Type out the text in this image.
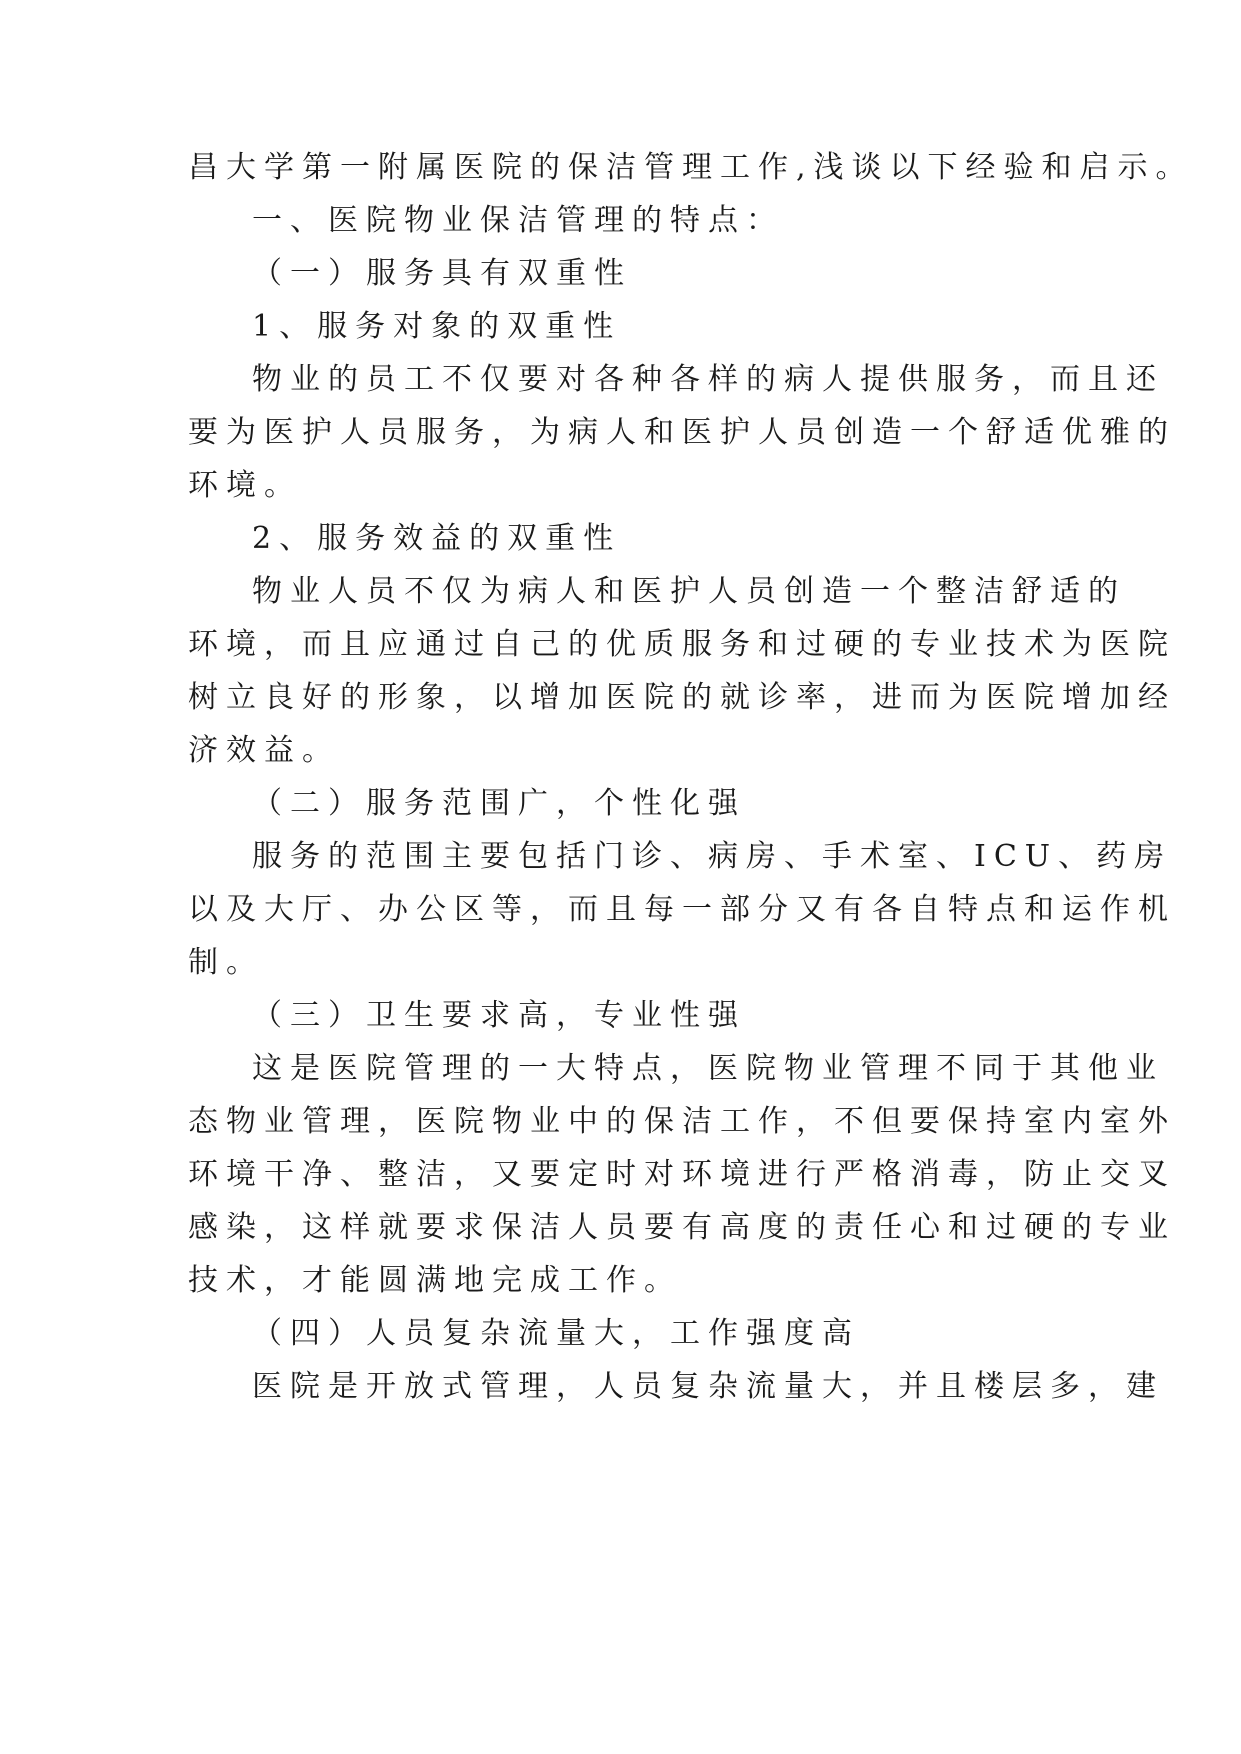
昌大学第一附属医院的保洁管理工作,浅谈以下经验和启示。
一、医院物业保洁管理的特点：
（一）服务具有双重性
1、服务对象的双重性
物业的员工不仅要对各种各样的病人提供服务，而且还
要为医护人员服务，为病人和医护人员创造一个舒适优雅的
环境。
2、服务效益的双重性
物业人员不仅为病人和医护人员创造一个整洁舒适的
环境，而且应通过自己的优质服务和过硬的专业技术为医院
树立良好的形象，以增加医院的就诊率，进而为医院增加经
济效益。
（二）服务范围广，个性化强
服务的范围主要包括门诊、病房、手术室、ICU、药房
以及大厅、办公区等，而且每一部分又有各自特点和运作机
制。
（三）卫生要求高，专业性强
这是医院管理的一大特点，医院物业管理不同于其他业
态物业管理，医院物业中的保洁工作，不但要保持室内室外
环境干净、整洁，又要定时对环境进行严格消毒，防止交叉
感染，这样就要求保洁人员要有高度的责任心和过硬的专业
技术，才能圆满地完成工作。
（四）人员复杂流量大，工作强度高
医院是开放式管理，人员复杂流量大，并且楼层多，建
